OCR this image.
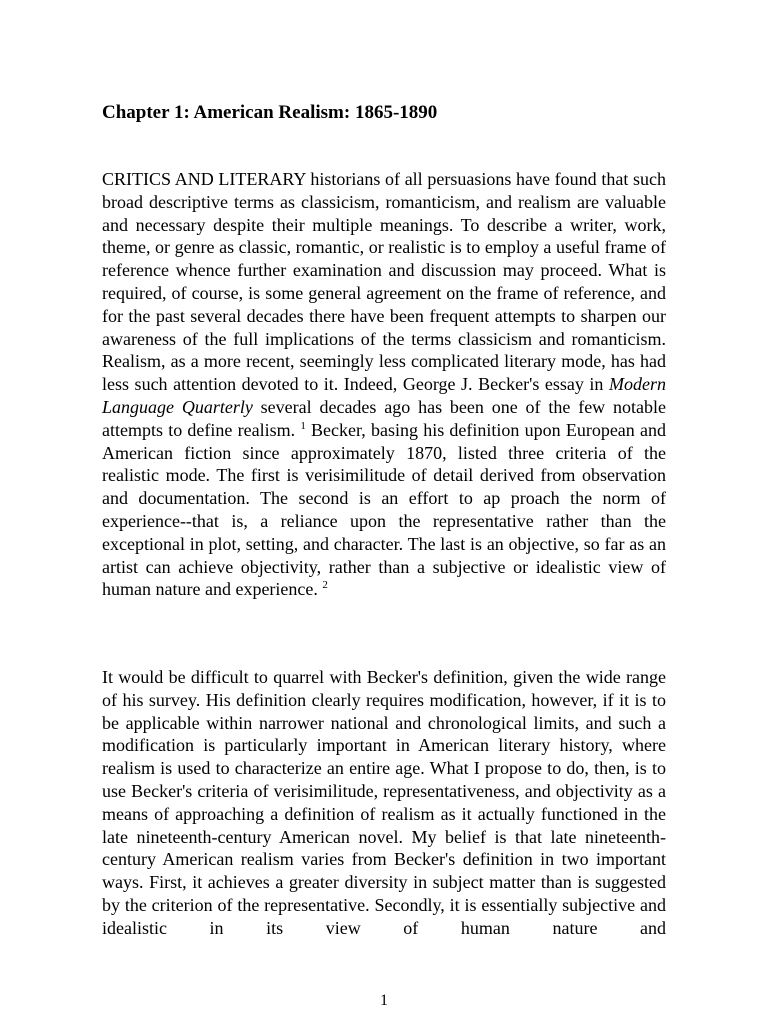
Chapter 1: American Realism: 1865-1890

CRITICS AND LITERARY historians of all persuasions have found that such broad descriptive terms as classicism, romanticism, and realism are valuable and necessary despite their multiple meanings. To describe a writer, work, theme, or genre as classic, romantic, or realistic is to employ a useful frame of reference whence further examination and discussion may proceed. What is required, of course, is some general agreement on the frame of reference, and for the past several decades there have been frequent attempts to sharpen our awareness of the full implications of the terms classicism and romanticism. Realism, as a more recent, seemingly less complicated literary mode, has had less such attention devoted to it. Indeed, George J. Becker's essay in Modern Language Quarterly several decades ago has been one of the few notable attempts to define realism. $^1$ Becker, basing his definition upon European and American fiction since approximately 1870, listed three criteria of the realistic mode. The first is verisimilitude of detail derived from observation and documentation. The second is an effort to ap proach the norm of experience--that is, a reliance upon the representative rather than the exceptional in plot, setting, and character. The last is an objective, so far as an artist can achieve objectivity, rather than a subjective or idealistic view of human nature and experience. $^2$

It would be difficult to quarrel with Becker's definition, given the wide range of his survey. His definition clearly requires modification, however, if it is to be applicable within narrower national and chronological limits, and such a modification is particularly important in American literary history, where realism is used to characterize an entire age. What I propose to do, then, is to use Becker's criteria of verisimilitude, representativeness, and objectivity as a means of approaching a definition of realism as it actually functioned in the late nineteenth-century American novel. My belief is that late nineteenth-century American realism varies from Becker's definition in two important ways. First, it achieves a greater diversity in subject matter than is suggested by the criterion of the representative. Secondly, it is essentially subjective and idealistic in its view of human nature and

1
